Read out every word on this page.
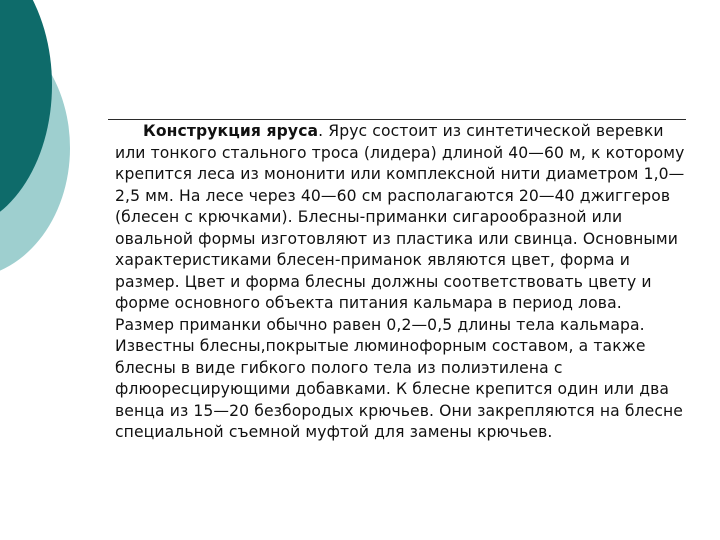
Конструкция яруса. Ярус состоит из синтетической веревки или тонкого стального троса (лидера) длиной 40—60 м, к которому крепится леса из мононити или комплексной нити диаметром 1,0—2,5 мм. На лесе через 40—60 см располагаются 20—40 джиггеров (блесен с крючками). Блесны-приманки сигарообразной или овальной формы изготовляют из пластика или свинца. Основными характеристиками блесен-приманок являются цвет, форма и размер. Цвет и форма блесны должны соответствовать цвету и форме основного объекта питания кальмара в период лова. Размер приманки обычно равен 0,2—0,5 длины тела кальмара. Известны блесны,покрытые люминофорным составом, а также блесны в виде гибкого полого тела из полиэтилена с флюоресцирующими добавками. К блесне крепится один или два венца из 15—20 безбородых крючьев. Они закрепляются на блесне специальной съемной муфтой для замены крючьев.
